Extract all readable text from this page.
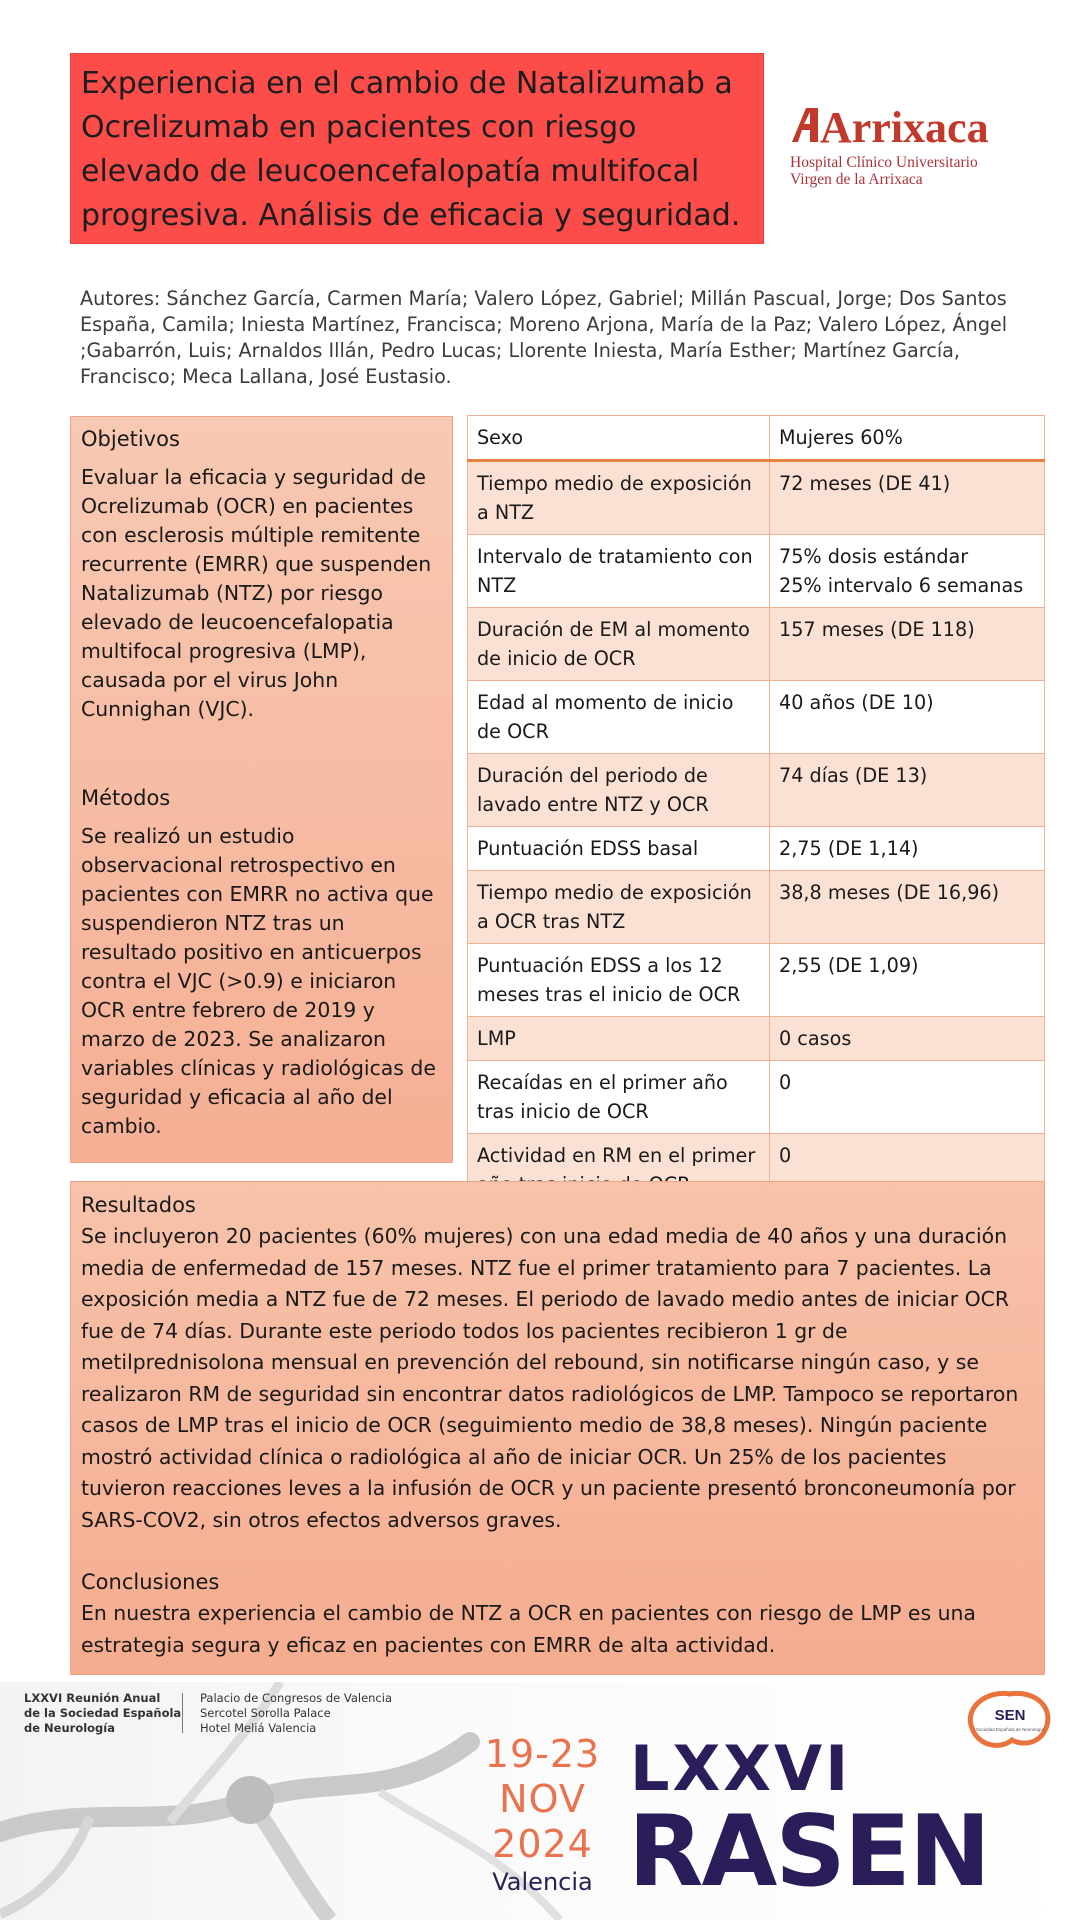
Experiencia en el cambio de Natalizumab a Ocrelizumab en pacientes con riesgo elevado de leucoencefalopatía multifocal progresiva. Análisis de eficacia y seguridad.
Arrixaca
Hospital Clínico Universitario
Virgen de la Arrixaca
Autores: Sánchez García, Carmen María; Valero López, Gabriel; Millán Pascual, Jorge; Dos Santos España, Camila; Iniesta Martínez, Francisca; Moreno Arjona, María de la Paz; Valero López, Ángel ;Gabarrón, Luis; Arnaldos Illán, Pedro Lucas; Llorente Iniesta, María Esther; Martínez García, Francisco; Meca Lallana, José Eustasio.
Objetivos

Evaluar la eficacia y seguridad de Ocrelizumab (OCR) en pacientes con esclerosis múltiple remitente recurrente (EMRR) que suspenden Natalizumab (NTZ) por riesgo elevado de leucoencefalopatia multifocal progresiva (LMP), causada por el virus John Cunnighan (VJC).

Métodos

Se realizó un estudio observacional retrospectivo en pacientes con EMRR no activa que suspendieron NTZ tras un resultado positivo en anticuerpos contra el VJC (>0.9) e iniciaron OCR entre febrero de 2019 y marzo de 2023. Se analizaron variables clínicas y radiológicas de seguridad y eficacia al año del cambio.

Sexo	Mujeres 60%
Tiempo medio de exposición a NTZ	72 meses (DE 41)
Intervalo de tratamiento con NTZ	75% dosis estándar
25% intervalo 6 semanas

Duración de EM al momento de inicio de OCR	157 meses (DE 118)
Edad al momento de inicio de OCR	40 años (DE 10)
Duración del periodo de lavado entre NTZ y OCR	74 días (DE 13)
Puntuación EDSS basal	2,75 (DE 1,14)
Tiempo medio de exposición a OCR tras NTZ	38,8 meses (DE 16,96)
Puntuación EDSS a los 12 meses tras el inicio de OCR	2,55 (DE 1,09)
LMP	0 casos
Recaídas en el primer año tras inicio de OCR	0
Actividad en RM en el primer	0
Resultados

Se incluyeron 20 pacientes (60% mujeres) con una edad media de 40 años y una duración media de enfermedad de 157 meses. NTZ fue el primer tratamiento para 7 pacientes. La exposición media a NTZ fue de 72 meses. El periodo de lavado medio antes de iniciar OCR fue de 74 días. Durante este periodo todos los pacientes recibieron 1 gr de metilprednisolona mensual en prevención del rebound, sin notificarse ningún caso, y se realizaron RM de seguridad sin encontrar datos radiológicos de LMP. Tampoco se reportaron casos de LMP tras el inicio de OCR (seguimiento medio de 38,8 meses). Ningún paciente mostró actividad clínica o radiológica al año de iniciar OCR. Un 25% de los pacientes tuvieron reacciones leves a la infusión de OCR y un paciente presentó bronconeumonía por SARS-COV2, sin otros efectos adversos graves.

Conclusiones

En nuestra experiencia el cambio de NTZ a OCR en pacientes con riesgo de LMP es una estrategia segura y eficaz en pacientes con EMRR de alta actividad.

LXXVI Reunión Anual
de la Sociedad Española
de Neurología
Palacio de Congresos de Valencia
Sercotel Sorolla Palace
Hotel Meliá Valencia
19-23
NOV
2024
Valencia
LXXVI
RASEN
SEN
Sociedad Española de Neurología
